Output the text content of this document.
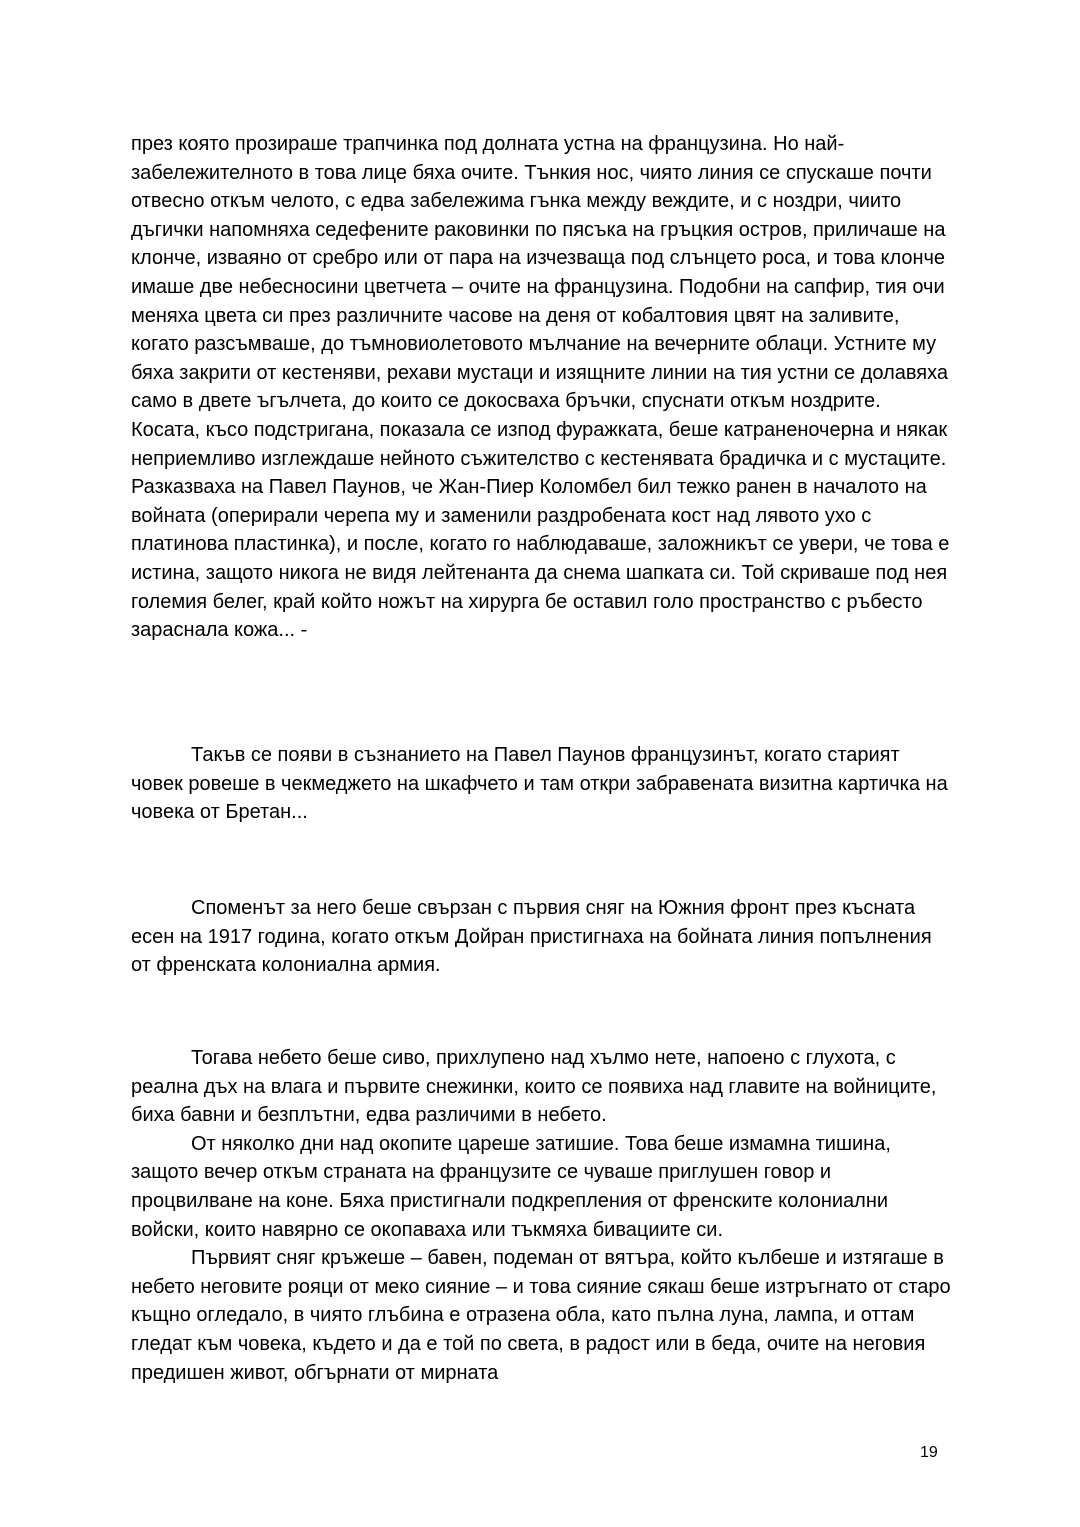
през която прозираше трапчинка под долната устна на французина. Но най-забележителното в това лице бяха очите. Тънкия нос, чиято линия се спускаше почти отвесно откъм челото, с едва забележима гънка между веждите, и с ноздри, чиито дъгички напомняха седефените раковинки по пясъка на гръцкия остров, приличаше на клонче, изваяно от сребро или от пара на изчезваща под слънцето роса, и това клонче имаше две небесносини цветчета – очите на французина. Подобни на сапфир, тия очи меняха цвета си през различните часове на деня от кобалтовия цвят на заливите, когато разсъмваше, до тъмновиолетовото мълчание на вечерните облаци. Устните му бяха закрити от кестеняви, рехави мустаци и изящните линии на тия устни се долавяха само в двете ъгълчета, до които се докосваха бръчки, спуснати откъм ноздрите. Косата, късо подстригана, показала се изпод фуражката, беше катраненочерна и някак неприемливо изглеждаше нейното съжителство с кестенявата брадичка и с мустаците. Разказваха на Павел Паунов, че Жан-Пиер Коломбел бил тежко ранен в началото на войната (оперирали черепа му и заменили раздробената кост над лявото ухо с платинова пластинка), и после, когато го наблюдаваше, заложникът се увери, че това е истина, защото никога не видя лейтенанта да снема шапката си. Той скриваше под нея големия белег, край който ножът на хирурга бе оставил голо пространство с ръбесто зараснала кожа... -

Такъв се появи в съзнанието на Павел Паунов французинът, когато старият човек ровеше в чекмеджето на шкафчето и там откри забравената визитна картичка на човека от Бретан...

Споменът за него беше свързан с първия сняг на Южния фронт през късната есен на 1917 година, когато откъм Дойран пристигнаха на бойната линия попълнения от френската колониална армия.

Тогава небето беше сиво, прихлупено над хълмо нете, напоено с глухота, с реална дъх на влага и първите снежинки, които се появиха над главите на войниците, биха бавни и безплътни, едва различими в небето.

От няколко дни над окопите цареше затишие. Това беше измамна тишина, защото вечер откъм страната на французите се чуваше приглушен говор и процвилване на коне. Бяха пристигнали подкрепления от френските колониални войски, които навярно се окопаваха или тъкмяха бивациите си.

Първият сняг кръжеше – бавен, подеман от вятъра, който кълбеше и изтягаше в небето неговите рояци от меко сияние – и това сияние сякаш беше изтръгнато от старо къщно огледало, в чиято глъбина е отразена обла, като пълна луна, лампа, и оттам гледат към човека, където и да е той по света, в радост или в беда, очите на неговия предишен живот, обгърнати от мирната

19
